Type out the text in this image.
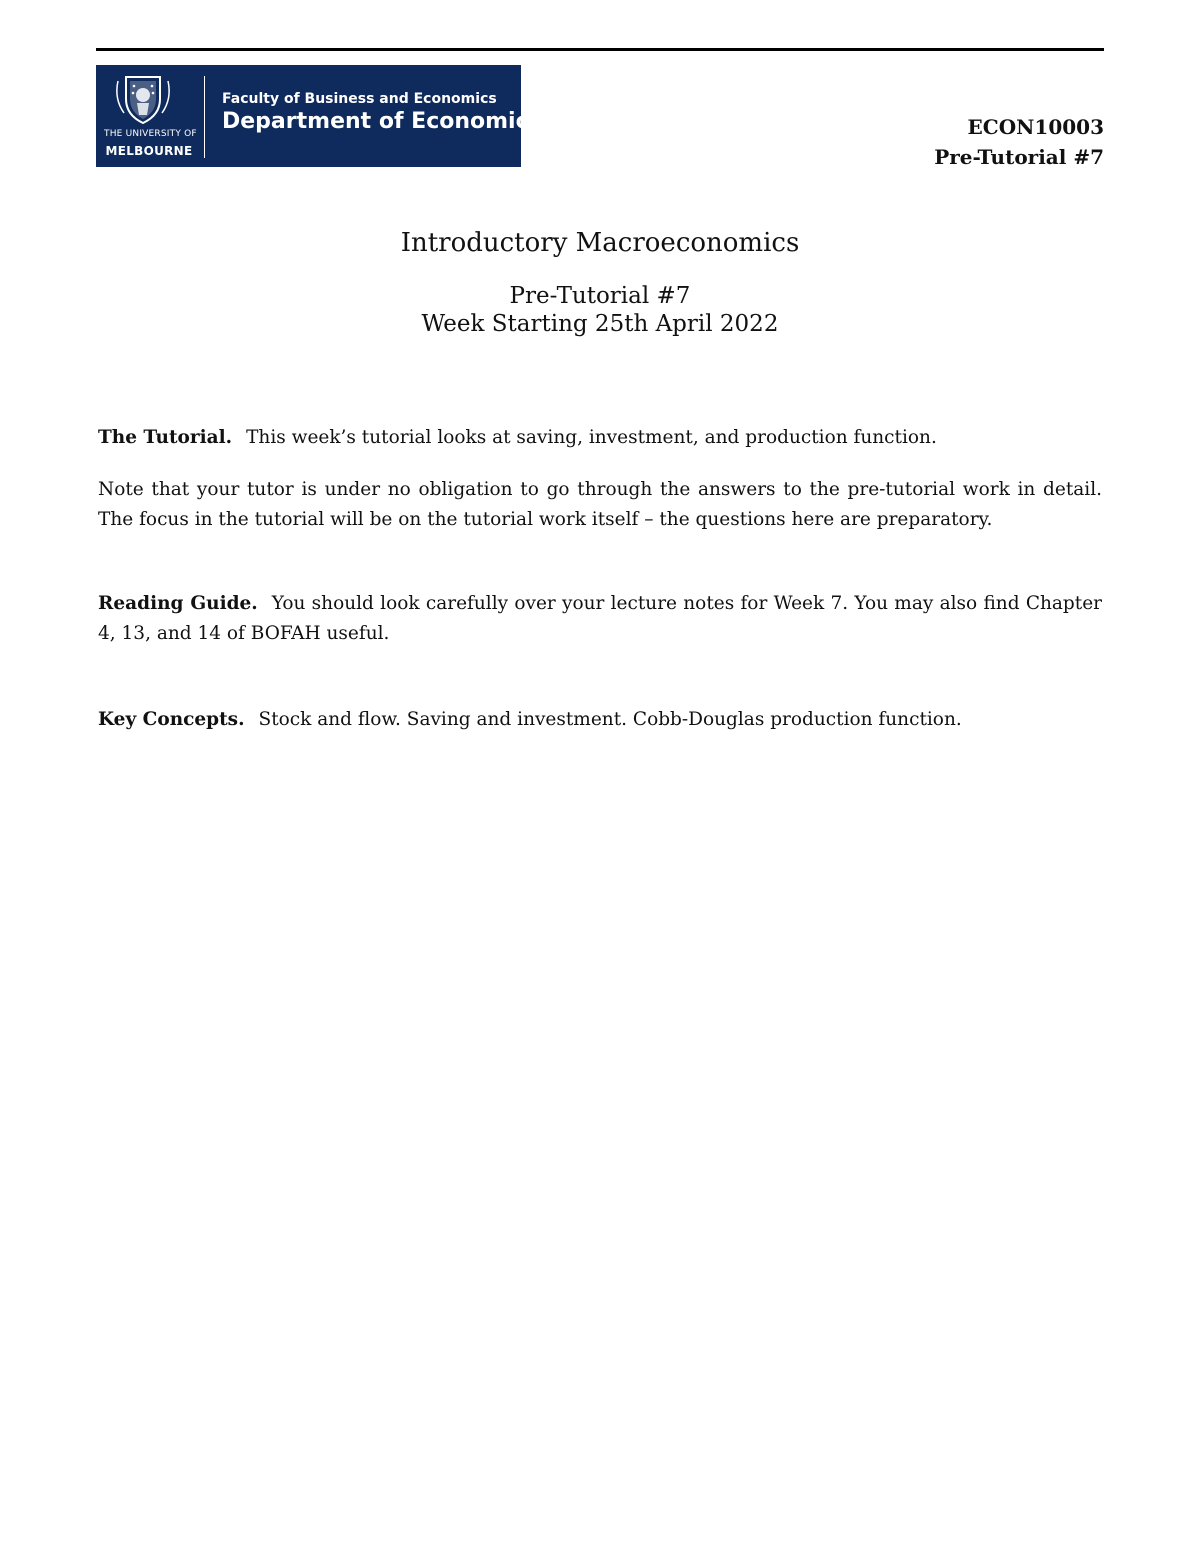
THE UNIVERSITY OF
MELBOURNE
Faculty of Business and Economics
Department of Economics	ECON10003
Pre-Tutorial #7
Introductory Macroeconomics
Pre-Tutorial #7
Week Starting 25th April 2022
The Tutorial. This week’s tutorial looks at saving, investment, and production function.
Note that your tutor is under no obligation to go through the answers to the pre-tutorial work in detail. The focus in the tutorial will be on the tutorial work itself – the questions here are preparatory.
Reading Guide. You should look carefully over your lecture notes for Week 7. You may also find Chapter 4, 13, and 14 of BOFAH useful.
Key Concepts. Stock and flow. Saving and investment. Cobb-Douglas production function.
